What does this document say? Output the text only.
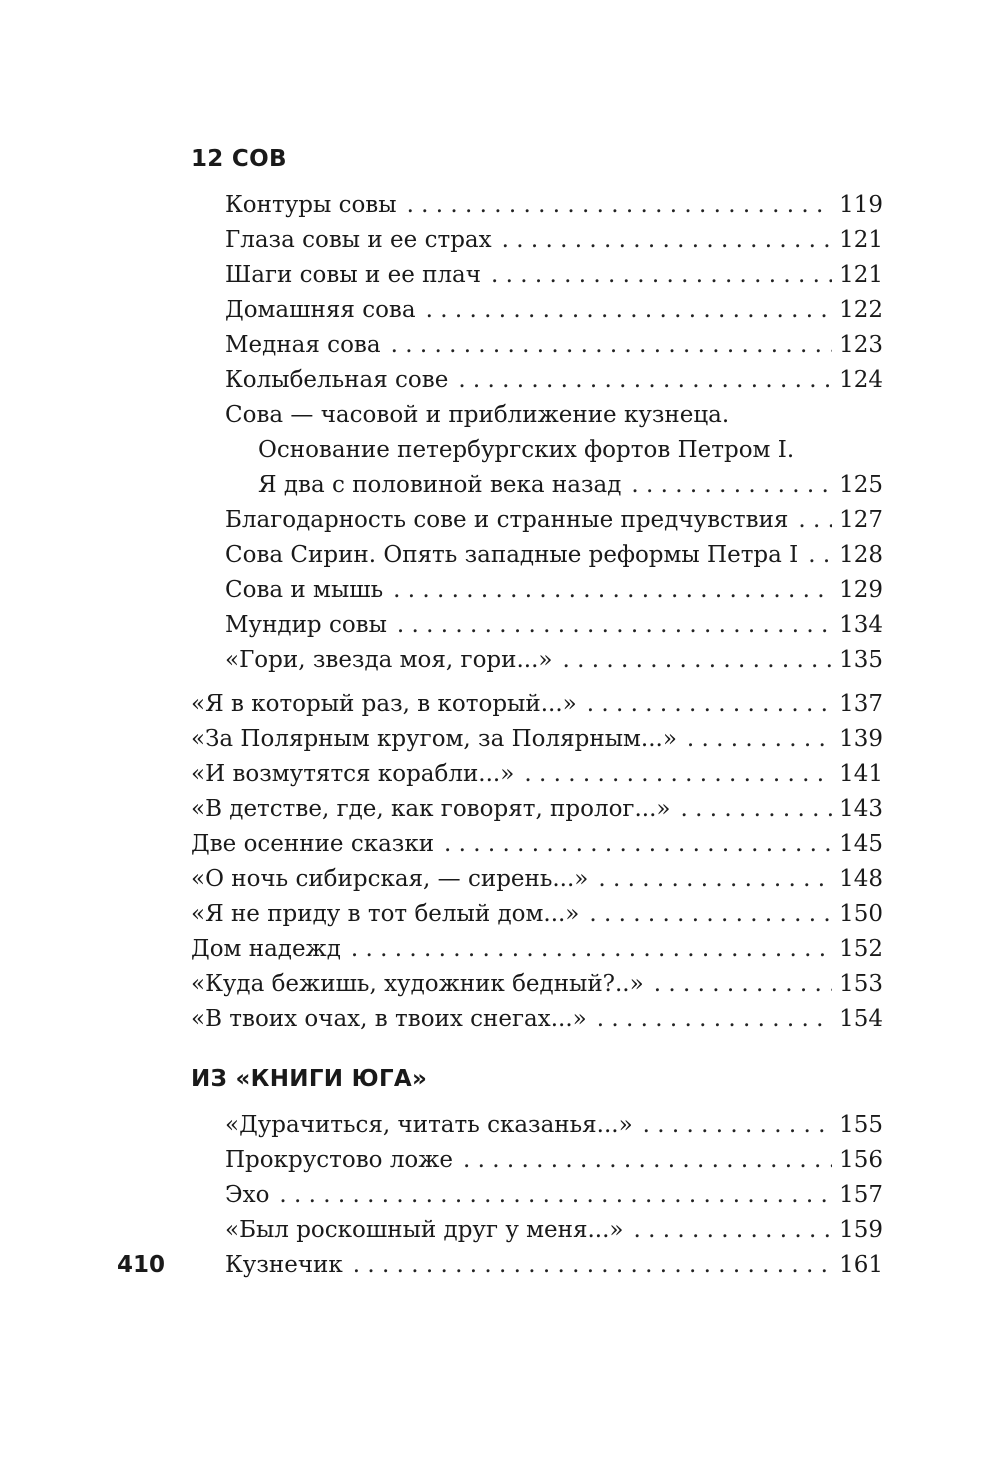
12 СОВ
Контуры совы . . .	119
Глаза совы и ее страх . . .	121
Шаги совы и ее плач . . .	121
Домашняя сова . . .	122
Медная сова . . .	123
Колыбельная сове . . .	124
Сова — часовой и приближение кузнеца.
Основание петербургских фортов Петром I.
Я два с половиной века назад . . .	125
Благодарность сове и странные предчувствия . . . 127
Сова Сирин. Опять западные реформы Петра I . . . 128
Сова и мышь . . .	129
Мундир совы . . .	134
«Гори, звезда моя, гори...» . . .	135
«Я в который раз, в который...» . . .	137
«За Полярным кругом, за Полярным...» . . .	139
«И возмутятся корабли...» . . .	141
«В детстве, где, как говорят, пролог...» . . .	143
Две осенние сказки . . .	145
«О ночь сибирская, — сирень...» . . .	148
«Я не приду в тот белый дом...» . . .	150
Дом надежд . . .	152
«Куда бежишь, художник бедный?..» . . .	153
«В твоих очах, в твоих снегах...» . . .	154
ИЗ «КНИГИ ЮГА»
«Дурачиться, читать сказанья...» . . .	155
Прокрустово ложе . . .	156
Эхо . . .	157
«Был роскошный друг у меня...» . . .	159
Кузнечик . . .	161
410
